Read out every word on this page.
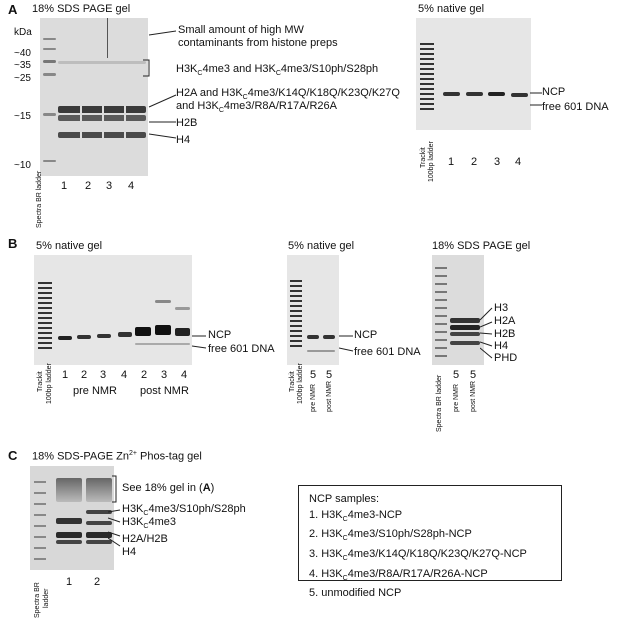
A 18% SDS PAGE gel
kDa
~40
~35
~25
~15
~10
1 2 3 4
Spectra BR ladder
Small amount of high MW
contaminants from histone preps
$H3K_C4me3$ and $H3K_C4me3/S10ph/S28ph$
H2A and $H3K_C4me3/K14Q/K18Q/K23Q/K27Q$
and $H3K_C4me3/R8A/R17A/R26A$
H2B
H4
5% native gel
NCP
free 601 DNA
1 2 3 4
Trackit 100bp ladder
B 5% native gel
NCP
free 601 DNA
1 2 3 4 2 3 4
pre NMR post NMR
Trackit 100bp ladder
5% native gel
NCP
free 601 DNA
5 5
Trackit 100bp ladder pre NMR post NMR
18% SDS PAGE gel
H3
H2A
H2B
H4
PHD
5 5
Spectra BR ladder pre NMR post NMR
C 18% SDS-PAGE $Zn^{2+}$ Phos-tag gel
See 18% gel in (A)
$H3K_C4me3/S10ph/S28ph$
$H3K_C4me3$
H2A/H2B
H4
1 2
Spectra BR ladder
NCP samples:
1. $H3K_C4me3$-NCP
2. $H3K_C4me3/S10ph/S28ph$-NCP
3. $H3K_C4me3/K14Q/K18Q/K23Q/K27Q$-NCP
4. $H3K_C4me3/R8A/R17A/R26A$-NCP
5. unmodified NCP
